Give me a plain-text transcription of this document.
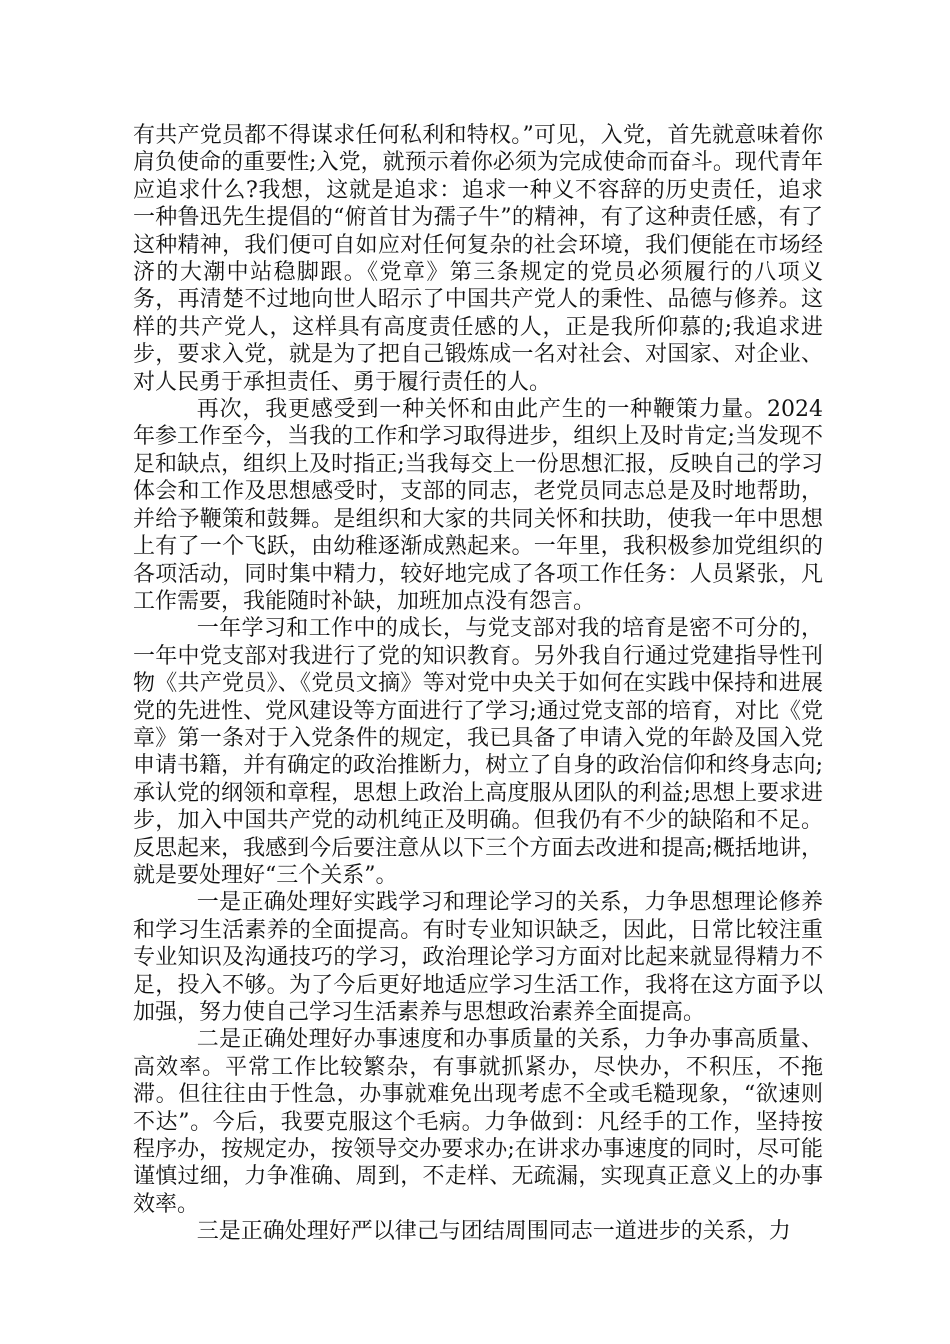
有共产党员都不得谋求任何私利和特权。”可见，入党，首先就意味着你肩负使命的重要性;入党，就预示着你必须为完成使命而奋斗。现代青年应追求什么?我想，这就是追求：追求一种义不容辞的历史责任，追求一种鲁迅先生提倡的“俯首甘为孺子牛”的精神，有了这种责任感，有了这种精神，我们便可自如应对任何复杂的社会环境，我们便能在市场经济的大潮中站稳脚跟。《党章》第三条规定的党员必须履行的八项义务，再清楚不过地向世人昭示了中国共产党人的秉性、品德与修养。这样的共产党人，这样具有高度责任感的人，正是我所仰慕的;我追求进步，要求入党，就是为了把自己锻炼成一名对社会、对国家、对企业、对人民勇于承担责任、勇于履行责任的人。

再次，我更感受到一种关怀和由此产生的一种鞭策力量。2024年参工作至今，当我的工作和学习取得进步，组织上及时肯定;当发现不足和缺点，组织上及时指正;当我每交上一份思想汇报，反映自己的学习体会和工作及思想感受时，支部的同志，老党员同志总是及时地帮助，并给予鞭策和鼓舞。是组织和大家的共同关怀和扶助，使我一年中思想上有了一个飞跃，由幼稚逐渐成熟起来。一年里，我积极参加党组织的各项活动，同时集中精力，较好地完成了各项工作任务：人员紧张，凡工作需要，我能随时补缺，加班加点没有怨言。

一年学习和工作中的成长，与党支部对我的培育是密不可分的，一年中党支部对我进行了党的知识教育。另外我自行通过党建指导性刊物《共产党员》、《党员文摘》等对党中央关于如何在实践中保持和进展党的先进性、党风建设等方面进行了学习;通过党支部的培育，对比《党章》第一条对于入党条件的规定，我已具备了申请入党的年龄及国入党申请书籍，并有确定的政治推断力，树立了自身的政治信仰和终身志向;承认党的纲领和章程，思想上政治上高度服从团队的利益;思想上要求进步，加入中国共产党的动机纯正及明确。但我仍有不少的缺陷和不足。反思起来，我感到今后要注意从以下三个方面去改进和提高;概括地讲，就是要处理好“三个关系”。

一是正确处理好实践学习和理论学习的关系，力争思想理论修养和学习生活素养的全面提高。有时专业知识缺乏，因此，日常比较注重专业知识及沟通技巧的学习，政治理论学习方面对比起来就显得精力不足，投入不够。为了今后更好地适应学习生活工作，我将在这方面予以加强，努力使自己学习生活素养与思想政治素养全面提高。

二是正确处理好办事速度和办事质量的关系，力争办事高质量、高效率。平常工作比较繁杂，有事就抓紧办，尽快办，不积压，不拖滞。但往往由于性急，办事就难免出现考虑不全或毛糙现象，“欲速则不达”。今后，我要克服这个毛病。力争做到：凡经手的工作，坚持按程序办，按规定办，按领导交办要求办;在讲求办事速度的同时，尽可能谨慎过细，力争准确、周到，不走样、无疏漏，实现真正意义上的办事效率。

三是正确处理好严以律己与团结周围同志一道进步的关系，力
